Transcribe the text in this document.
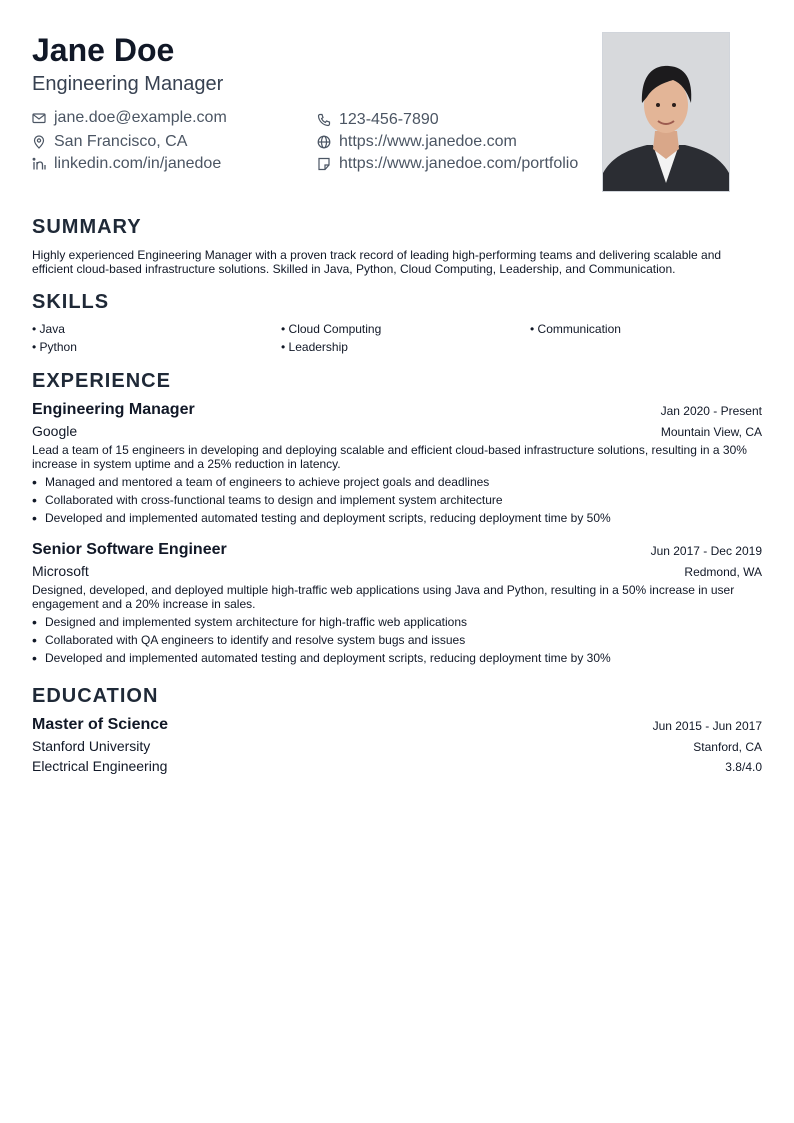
Jane Doe
Engineering Manager
jane.doe@example.com	123-456-7890
San Francisco, CA	https://www.janedoe.com
linkedin.com/in/janedoe	https://www.janedoe.com/portfolio
SUMMARY
Highly experienced Engineering Manager with a proven track record of leading high-performing teams and delivering scalable and efficient cloud-based infrastructure solutions. Skilled in Java, Python, Cloud Computing, Leadership, and Communication.
SKILLS
• Java	• Cloud Computing	• Communication
• Python	• Leadership
EXPERIENCE
Engineering Manager	Jan 2020 - Present
Google	Mountain View, CA
Lead a team of 15 engineers in developing and deploying scalable and efficient cloud-based infrastructure solutions, resulting in a 30% increase in system uptime and a 25% reduction in latency.
• Managed and mentored a team of engineers to achieve project goals and deadlines
• Collaborated with cross-functional teams to design and implement system architecture
• Developed and implemented automated testing and deployment scripts, reducing deployment time by 50%
Senior Software Engineer	Jun 2017 - Dec 2019
Microsoft	Redmond, WA
Designed, developed, and deployed multiple high-traffic web applications using Java and Python, resulting in a 50% increase in user engagement and a 20% increase in sales.
• Designed and implemented system architecture for high-traffic web applications
• Collaborated with QA engineers to identify and resolve system bugs and issues
• Developed and implemented automated testing and deployment scripts, reducing deployment time by 30%
EDUCATION
Master of Science	Jun 2015 - Jun 2017
Stanford University	Stanford, CA
Electrical Engineering	3.8/4.0
